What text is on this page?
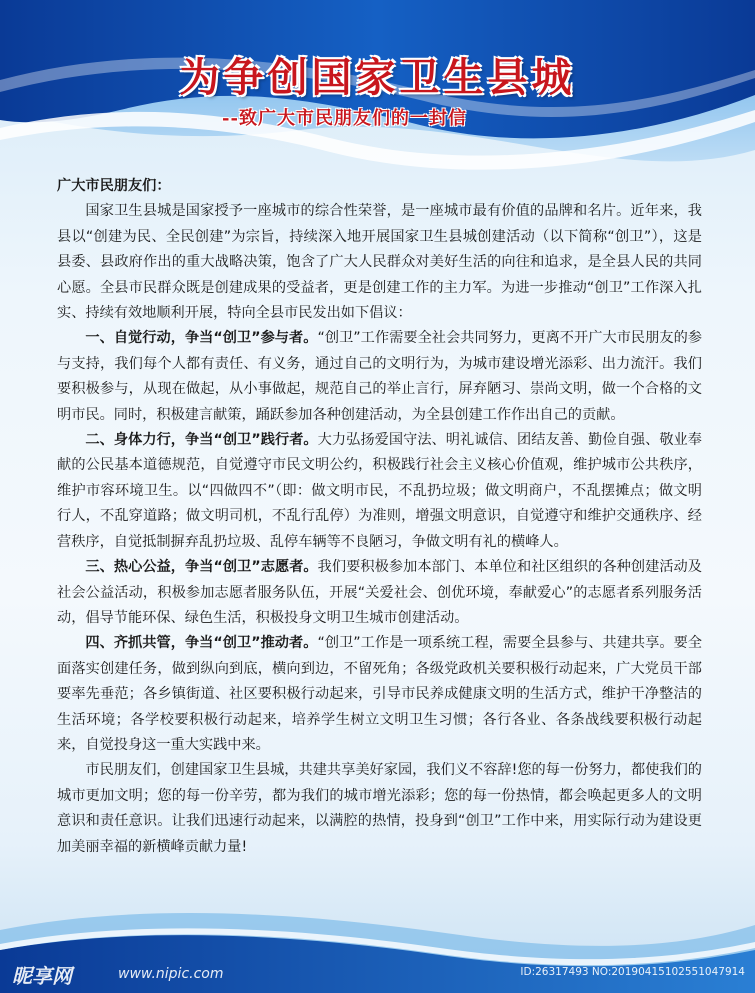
为争创国家卫生县城
--致广大市民朋友们的一封信

广大市民朋友们：

国家卫生县城是国家授予一座城市的综合性荣誉，是一座城市最有价值的品牌和名片。近年来，我县以“创建为民、全民创建”为宗旨，持续深入地开展国家卫生县城创建活动（以下简称“创卫”），这是县委、县政府作出的重大战略决策，饱含了广大人民群众对美好生活的向往和追求，是全县人民的共同心愿。全县市民群众既是创建成果的受益者，更是创建工作的主力军。为进一步推动“创卫”工作深入扎实、持续有效地顺利开展，特向全县市民发出如下倡议：

一、自觉行动，争当“创卫”参与者。“创卫”工作需要全社会共同努力，更离不开广大市民朋友的参与支持，我们每个人都有责任、有义务，通过自己的文明行为，为城市建设增光添彩、出力流汗。我们要积极参与，从现在做起，从小事做起，规范自己的举止言行，屏弃陋习、崇尚文明，做一个合格的文明市民。同时，积极建言献策，踊跃参加各种创建活动，为全县创建工作作出自己的贡献。

二、身体力行，争当“创卫”践行者。大力弘扬爱国守法、明礼诚信、团结友善、勤俭自强、敬业奉献的公民基本道德规范，自觉遵守市民文明公约，积极践行社会主义核心价值观，维护城市公共秩序，维护市容环境卫生。以“四做四不”（即：做文明市民，不乱扔垃圾；做文明商户，不乱摆摊点；做文明行人，不乱穿道路；做文明司机，不乱行乱停）为准则，增强文明意识，自觉遵守和维护交通秩序、经营秩序，自觉抵制摒弃乱扔垃圾、乱停车辆等不良陋习，争做文明有礼的横峰人。

三、热心公益，争当“创卫”志愿者。我们要积极参加本部门、本单位和社区组织的各种创建活动及社会公益活动，积极参加志愿者服务队伍，开展“关爱社会、创优环境，奉献爱心”的志愿者系列服务活动，倡导节能环保、绿色生活，积极投身文明卫生城市创建活动。

四、齐抓共管，争当“创卫”推动者。“创卫”工作是一项系统工程，需要全县参与、共建共享。要全面落实创建任务，做到纵向到底，横向到边，不留死角；各级党政机关要积极行动起来，广大党员干部要率先垂范；各乡镇街道、社区要积极行动起来，引导市民养成健康文明的生活方式，维护干净整洁的生活环境；各学校要积极行动起来，培养学生树立文明卫生习惯；各行各业、各条战线要积极行动起来，自觉投身这一重大实践中来。

市民朋友们，创建国家卫生县城，共建共享美好家园，我们义不容辞!您的每一份努力，都使我们的城市更加文明；您的每一份辛劳，都为我们的城市增光添彩；您的每一份热情，都会唤起更多人的文明意识和责任意识。让我们迅速行动起来，以满腔的热情，投身到“创卫”工作中来，用实际行动为建设更加美丽幸福的新横峰贡献力量!

昵享网	www.nipic.com	ID:26317493 NO:20190415102551047914
